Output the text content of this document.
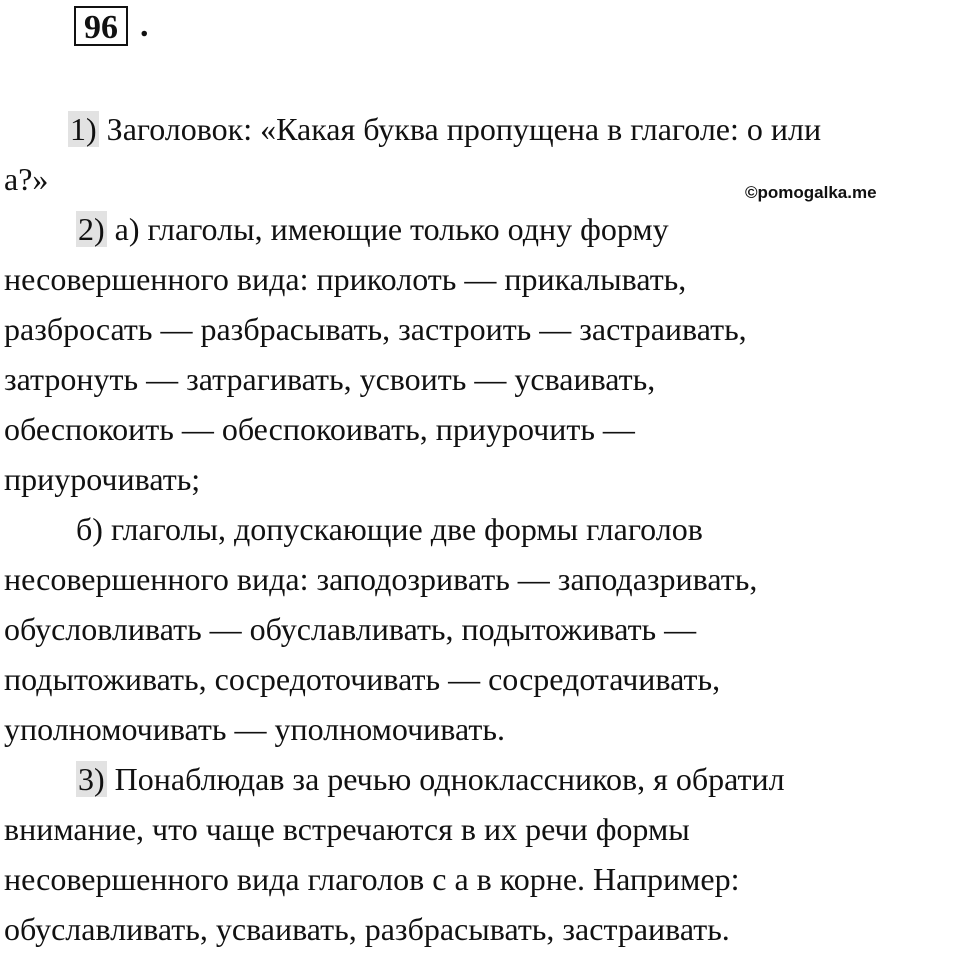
96 .
©pomogalka.me
1) Заголовок: «Какая буква пропущена в глаголе: о или
а?»
2) а) глаголы, имеющие только одну форму
несовершенного вида: приколоть — прикалывать,
разбросать — разбрасывать, застроить — застраивать,
затронуть — затрагивать, усвоить — усваивать,
обеспокоить — обеспокоивать, приурочить —
приурочивать;
б) глаголы, допускающие две формы глаголов
несовершенного вида: заподозривать — заподазривать,
обусловливать — обуславливать, подытоживать —
подытоживать, сосредоточивать — сосредотачивать,
уполномочивать — уполномочивать.
3) Понаблюдав за речью одноклассников, я обратил
внимание, что чаще встречаются в их речи формы
несовершенного вида глаголов с а в корне. Например:
обуславливать, усваивать, разбрасывать, застраивать.
